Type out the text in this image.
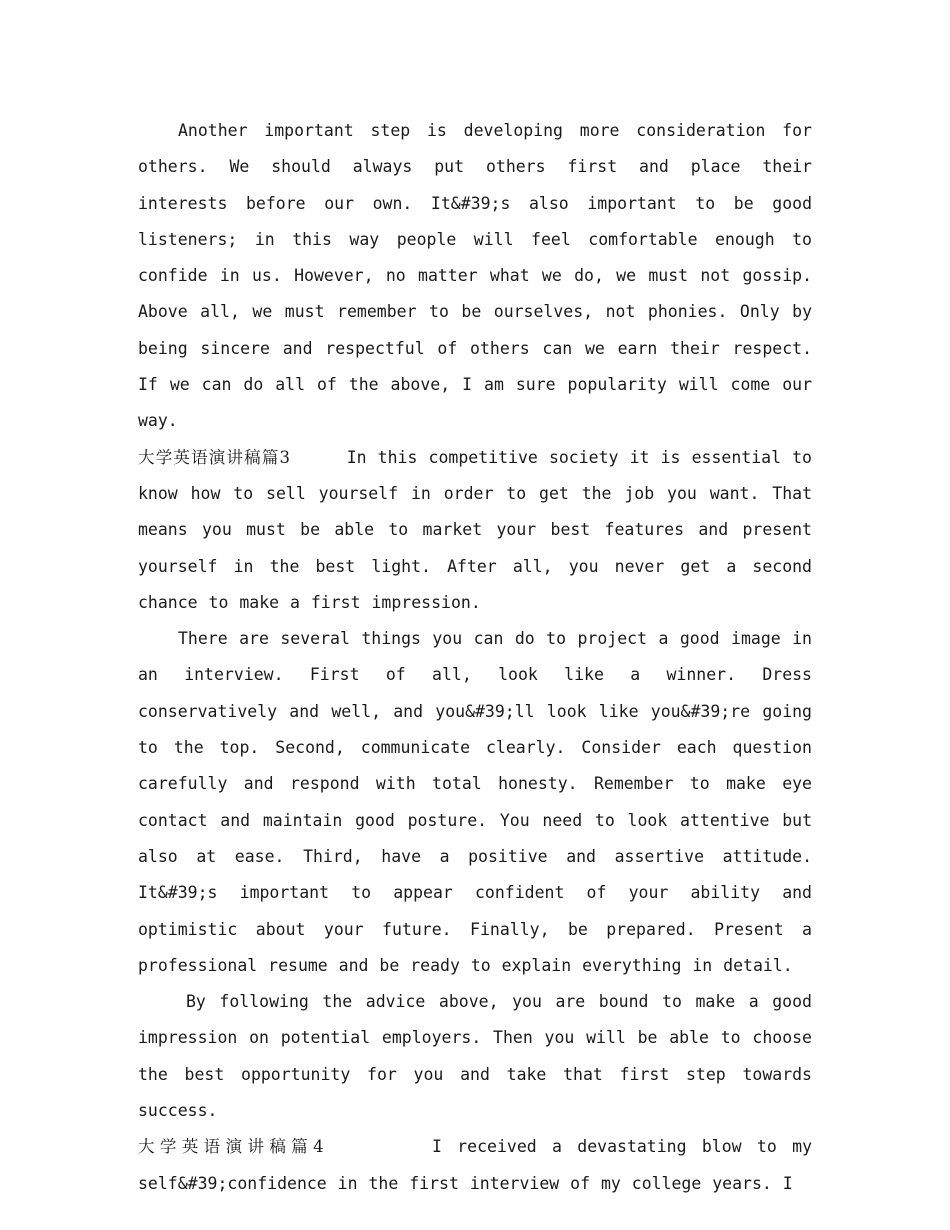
Another important step is developing more consideration for others. We should always put others first and place their interests before our own. It&#39;s also important to be good listeners; in this way people will feel comfortable enough to confide in us. However, no matter what we do, we must not gossip. Above all, we must remember to be ourselves, not phonies. Only by being sincere and respectful of others can we earn their respect. If we can do all of the above, I am sure popularity will come our way.

大学英语演讲稿篇3	In this competitive society it is essential to know how to sell yourself in order to get the job you want. That means you must be able to market your best features and present yourself in the best light. After all, you never get a second chance to make a first impression.

There are several things you can do to project a good image in an interview. First of all, look like a winner. Dress conservatively and well, and you&#39;ll look like you&#39;re going to the top. Second, communicate clearly. Consider each question carefully and respond with total honesty. Remember to make eye contact and maintain good posture. You need to look attentive but also at ease. Third, have a positive and assertive attitude. It&#39;s important to appear confident of your ability and optimistic about your future. Finally, be prepared. Present a professional resume and be ready to explain everything in detail.

By following the advice above, you are bound to make a good impression on potential employers. Then you will be able to choose the best opportunity for you and take that first step towards success.

大学英语演讲稿篇4	I received a devastating blow to my self&#39;confidence in the first interview of my college years. I
